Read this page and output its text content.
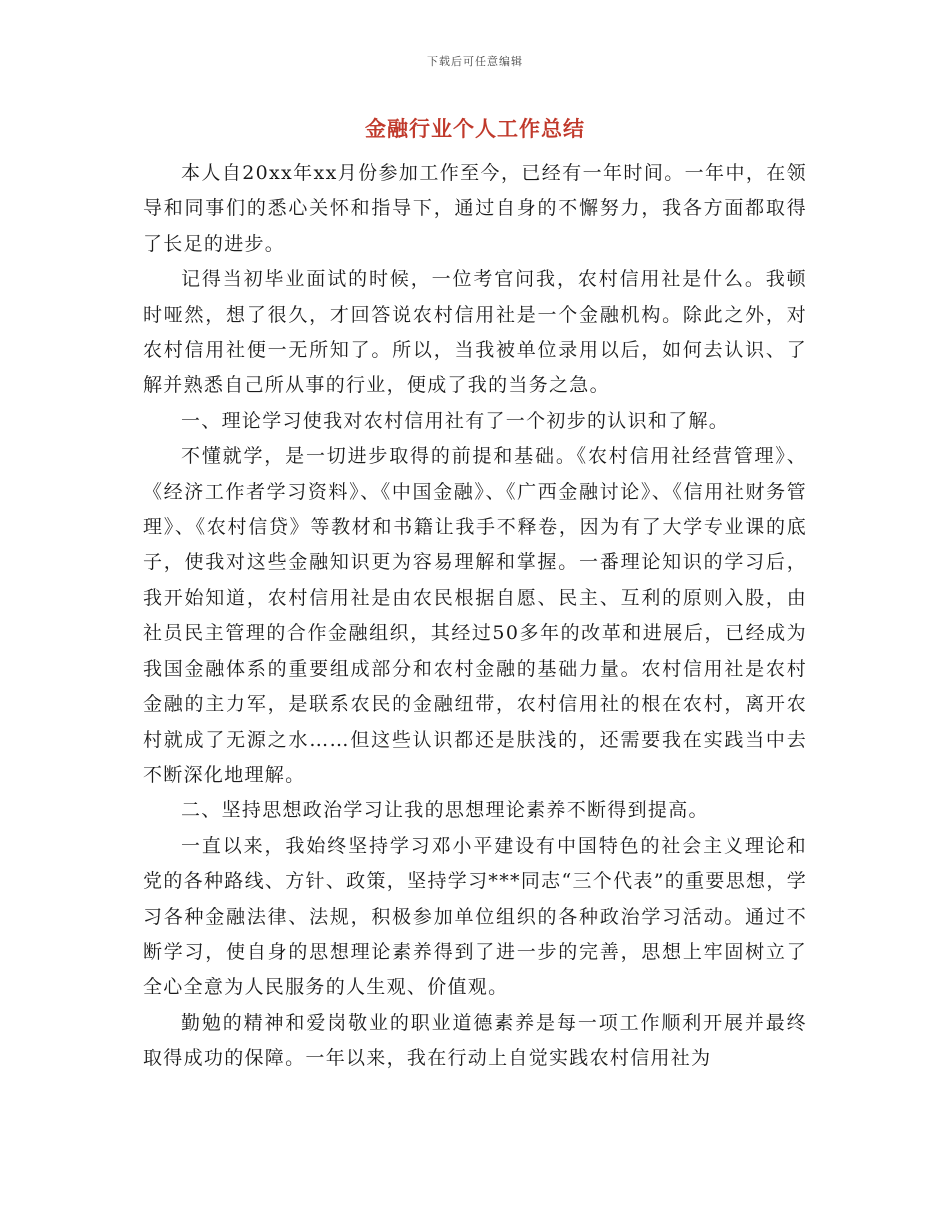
下载后可任意编辑
金融行业个人工作总结

本人自20xx年xx月份参加工作至今，已经有一年时间。一年中，在领导和同事们的悉心关怀和指导下，通过自身的不懈努力，我各方面都取得了长足的进步。

记得当初毕业面试的时候，一位考官问我，农村信用社是什么。我顿时哑然，想了很久，才回答说农村信用社是一个金融机构。除此之外，对农村信用社便一无所知了。所以，当我被单位录用以后，如何去认识、了解并熟悉自己所从事的行业，便成了我的当务之急。

一、理论学习使我对农村信用社有了一个初步的认识和了解。

不懂就学，是一切进步取得的前提和基础。《农村信用社经营管理》、《经济工作者学习资料》、《中国金融》、《广西金融讨论》、《信用社财务管理》、《农村信贷》等教材和书籍让我手不释卷，因为有了大学专业课的底子，使我对这些金融知识更为容易理解和掌握。一番理论知识的学习后，我开始知道，农村信用社是由农民根据自愿、民主、互利的原则入股，由社员民主管理的合作金融组织，其经过50多年的改革和进展后，已经成为我国金融体系的重要组成部分和农村金融的基础力量。农村信用社是农村金融的主力军，是联系农民的金融纽带，农村信用社的根在农村，离开农村就成了无源之水……但这些认识都还是肤浅的，还需要我在实践当中去不断深化地理解。

二、坚持思想政治学习让我的思想理论素养不断得到提高。

一直以来，我始终坚持学习邓小平建设有中国特色的社会主义理论和党的各种路线、方针、政策，坚持学习***同志“三个代表”的重要思想，学习各种金融法律、法规，积极参加单位组织的各种政治学习活动。通过不断学习，使自身的思想理论素养得到了进一步的完善，思想上牢固树立了全心全意为人民服务的人生观、价值观。

勤勉的精神和爱岗敬业的职业道德素养是每一项工作顺利开展并最终取得成功的保障。一年以来，我在行动上自觉实践农村信用社为
